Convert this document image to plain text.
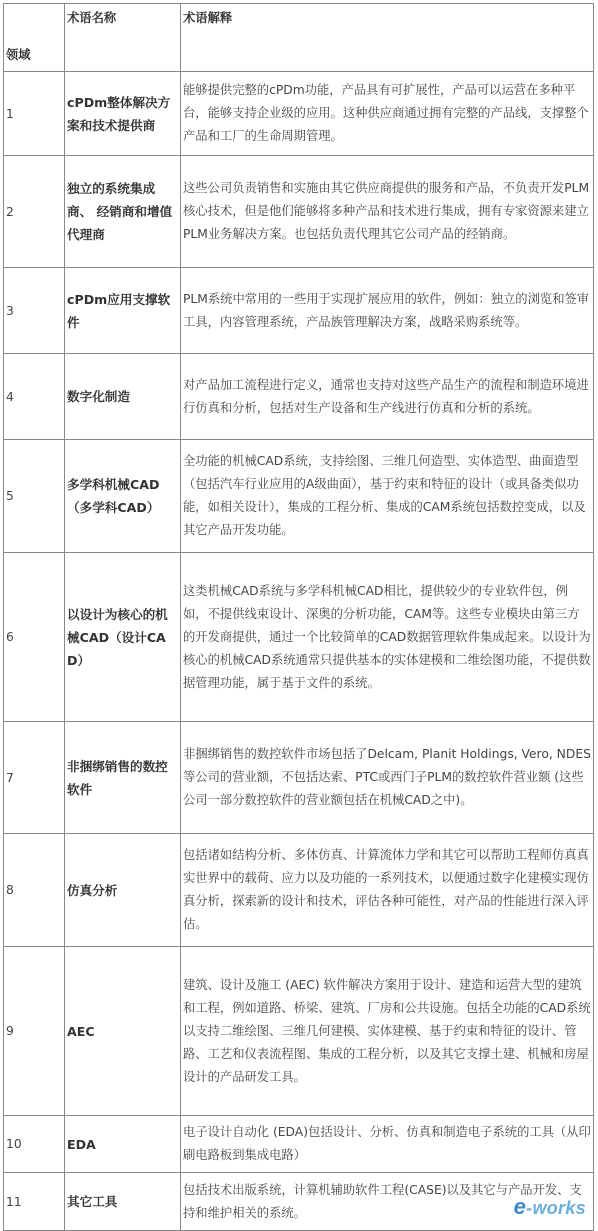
领域	术语名称	术语解释
1	cPDm整体解决方案和技术提供商	能够提供完整的cPDm功能，产品具有可扩展性，产品可以运营在多种平台，能够支持企业级的应用。这种供应商通过拥有完整的产品线，支撑整个产品和工厂的生命周期管理。
2	独立的系统集成商、 经销商和增值代理商	这些公司负责销售和实施由其它供应商提供的服务和产品，不负责开发PLM核心技术，但是他们能够将多种产品和技术进行集成，拥有专家资源来建立PLM业务解决方案。也包括负责代理其它公司产品的经销商。
3	cPDm应用支撑软件	PLM系统中常用的一些用于实现扩展应用的软件，例如：独立的浏览和签审工具，内容管理系统，产品族管理解决方案，战略采购系统等。
4	数字化制造	对产品加工流程进行定义，通常也支持对这些产品生产的流程和制造环境进行仿真和分析，包括对生产设备和生产线进行仿真和分析的系统。
5	多学科机械CAD （多学科CAD）	全功能的机械CAD系统，支持绘图、三维几何造型、实体造型、曲面造型（包括汽车行业应用的A级曲面），基于约束和特征的设计（或具备类似功能，如相关设计），集成的工程分析、集成的CAM系统包括数控变成，以及其它产品开发功能。
6	以设计为核心的机械CAD（设计CAD）	这类机械CAD系统与多学科机械CAD相比，提供较少的专业软件包，例如，不提供线束设计、深奥的分析功能，CAM等。这些专业模块由第三方的开发商提供，通过一个比较简单的CAD数据管理软件集成起来。以设计为核心的机械CAD系统通常只提供基本的实体建模和二维绘图功能，不提供数据管理功能，属于基于文件的系统。
7	非捆绑销售的数控软件	非捆绑销售的数控软件市场包括了Delcam, Planit Holdings, Vero, NDES等公司的营业额，不包括达索、PTC或西门子PLM的数控软件营业额 (这些公司一部分数控软件的营业额包括在机械CAD之中)。
8	仿真分析	包括诸如结构分析、多体仿真、计算流体力学和其它可以帮助工程师仿真真实世界中的载荷、应力以及功能的一系列技术，以便通过数字化建模实现仿真分析，探索新的设计和技术，评估各种可能性，对产品的性能进行深入评估。
9	AEC	建筑、设计及施工 (AEC) 软件解决方案用于设计、建造和运营大型的建筑和工程，例如道路、桥梁、建筑、厂房和公共设施。包括全功能的CAD系统以支持二维绘图、三维几何建模、实体建模、基于约束和特征的设计、管路、工艺和仪表流程图、集成的工程分析，以及其它支撑土建、机械和房屋设计的产品研发工具。
10	EDA	电子设计自动化 (EDA)包括设计、分析、仿真和制造电子系统的工具（从印刷电路板到集成电路）
11	其它工具	包括技术出版系统，计算机辅助软件工程(CASE)以及其它与产品开发、支持和维护相关的系统。	e-works
